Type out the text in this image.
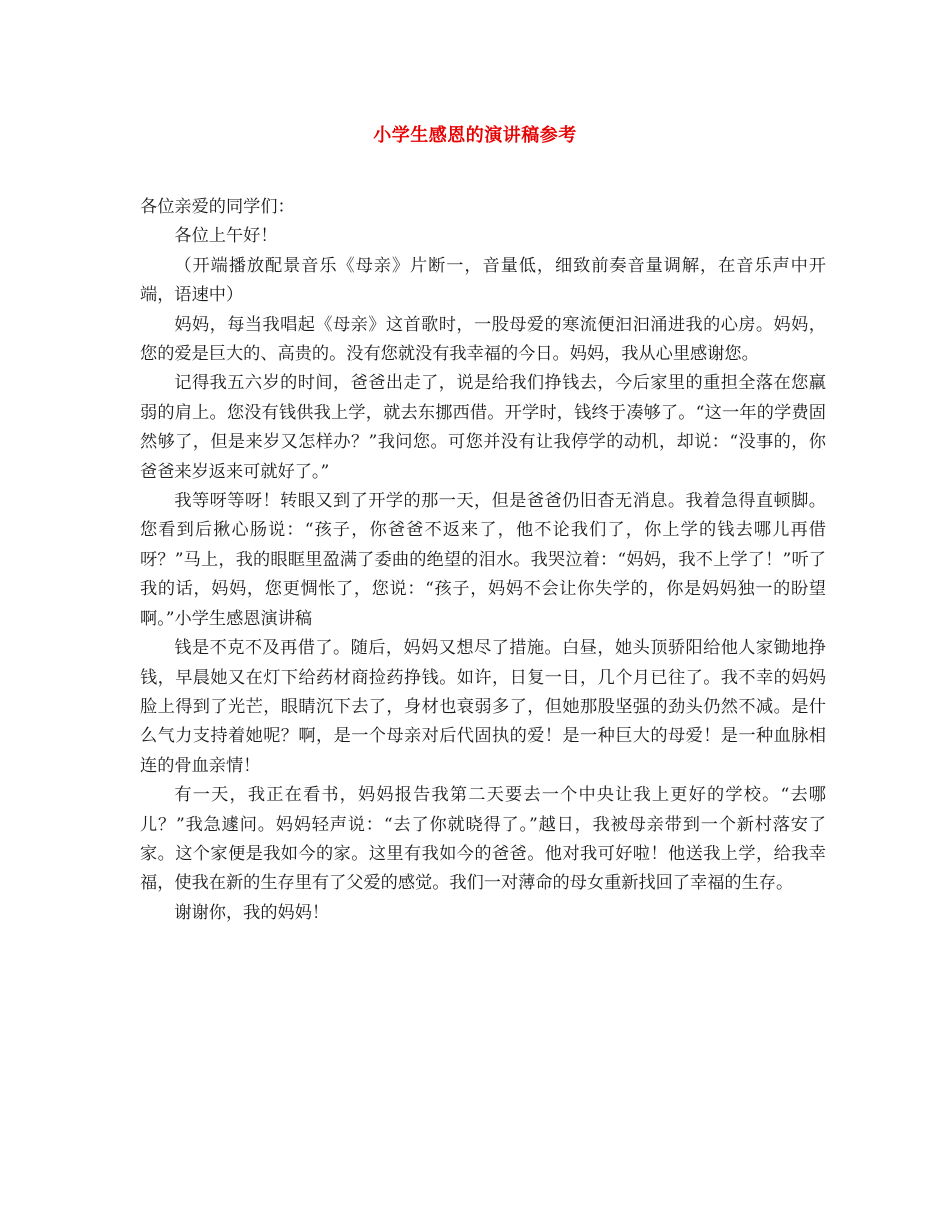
小学生感恩的演讲稿参考

各位亲爱的同学们：

各位上午好！

（开端播放配景音乐《母亲》片断一，音量低，细致前奏音量调解，在音乐声中开端，语速中）

妈妈，每当我唱起《母亲》这首歌时，一股母爱的寒流便汩汩涌进我的心房。妈妈，您的爱是巨大的、高贵的。没有您就没有我幸福的今日。妈妈，我从心里感谢您。

记得我五六岁的时间，爸爸出走了，说是给我们挣钱去，今后家里的重担全落在您羸弱的肩上。您没有钱供我上学，就去东挪西借。开学时，钱终于凑够了。“这一年的学费固然够了，但是来岁又怎样办？”我问您。可您并没有让我停学的动机，却说：“没事的，你爸爸来岁返来可就好了。”

我等呀等呀！转眼又到了开学的那一天，但是爸爸仍旧杳无消息。我着急得直顿脚。您看到后揪心肠说：“孩子，你爸爸不返来了，他不论我们了，你上学的钱去哪儿再借呀？”马上，我的眼眶里盈满了委曲的绝望的泪水。我哭泣着：“妈妈，我不上学了！”听了我的话，妈妈，您更惆怅了，您说：“孩子，妈妈不会让你失学的，你是妈妈独一的盼望啊。”小学生感恩演讲稿

钱是不克不及再借了。随后，妈妈又想尽了措施。白昼，她头顶骄阳给他人家锄地挣钱，早晨她又在灯下给药材商捡药挣钱。如许，日复一日，几个月已往了。我不幸的妈妈脸上得到了光芒，眼睛沉下去了，身材也衰弱多了，但她那股坚强的劲头仍然不减。是什么气力支持着她呢？啊，是一个母亲对后代固执的爱！是一种巨大的母爱！是一种血脉相连的骨血亲情！

有一天，我正在看书，妈妈报告我第二天要去一个中央让我上更好的学校。“去哪儿？”我急遽问。妈妈轻声说：“去了你就晓得了。”越日，我被母亲带到一个新村落安了家。这个家便是我如今的家。这里有我如今的爸爸。他对我可好啦！他送我上学，给我幸福，使我在新的生存里有了父爱的感觉。我们一对薄命的母女重新找回了幸福的生存。

谢谢你，我的妈妈！
